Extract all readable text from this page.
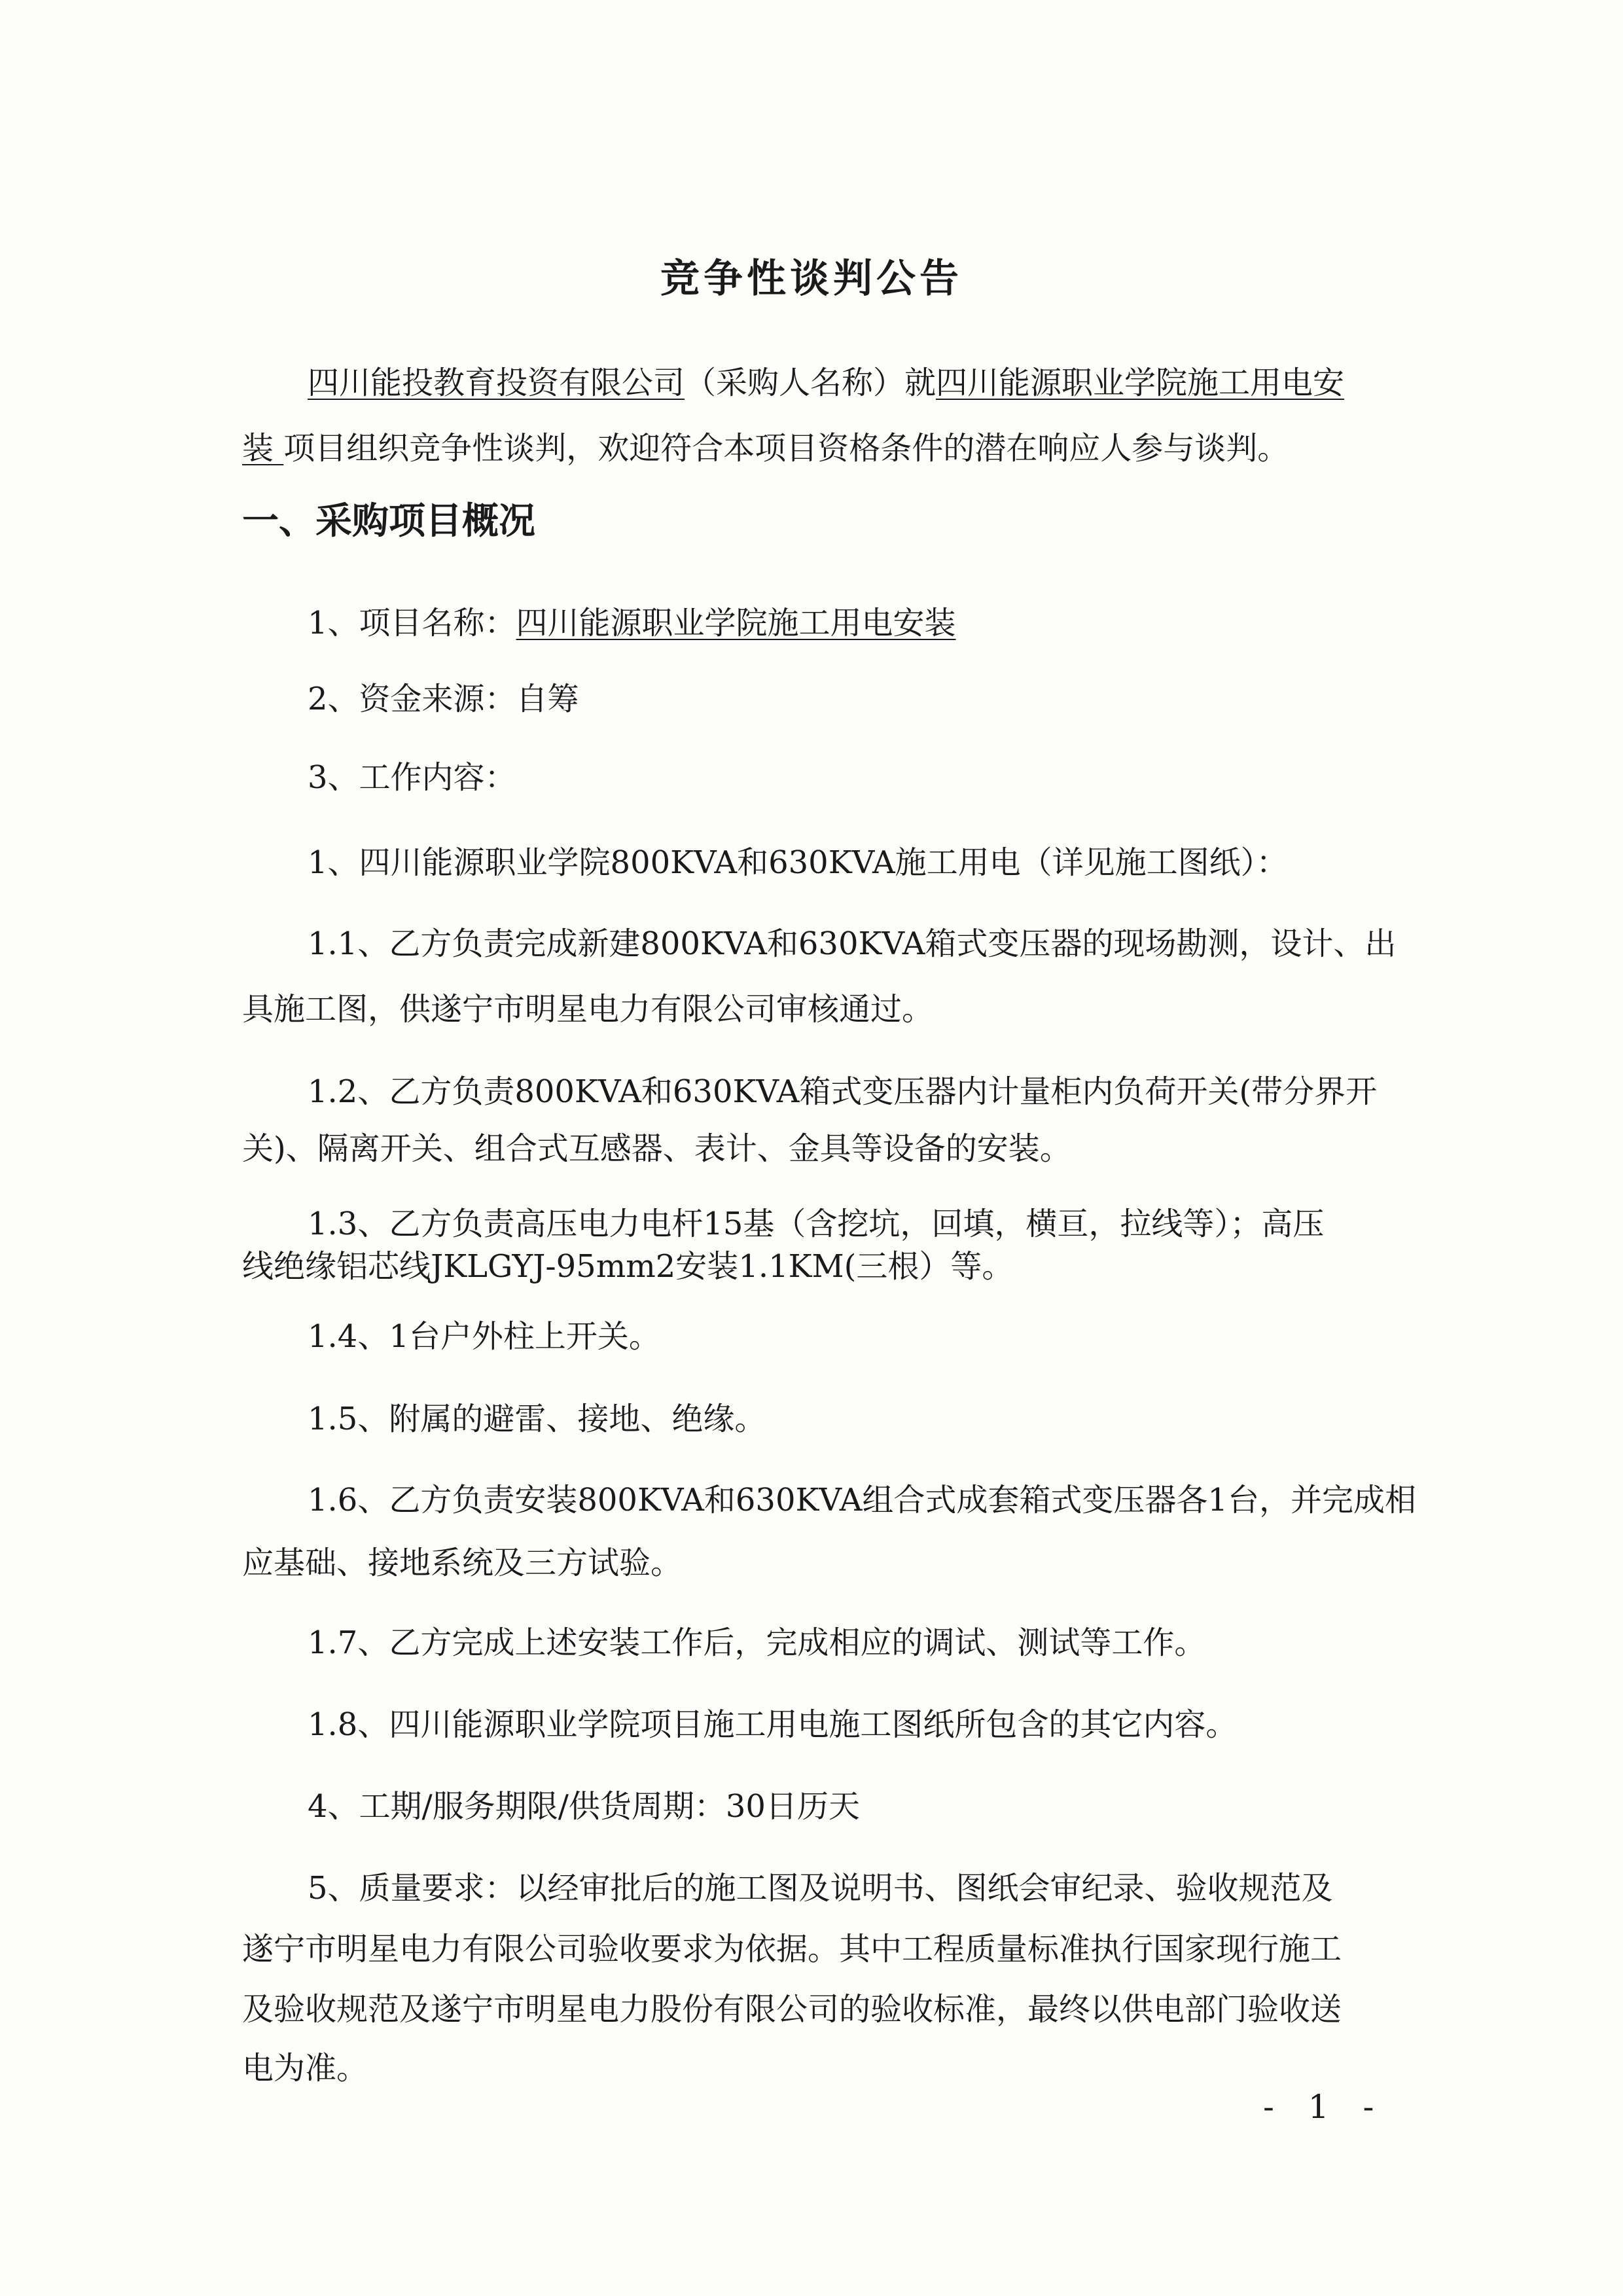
竞争性谈判公告
四川能投教育投资有限公司（采购人名称）就四川能源职业学院施工用电安
装 项目组织竞争性谈判，欢迎符合本项目资格条件的潜在响应人参与谈判。
一、采购项目概况
1、项目名称：四川能源职业学院施工用电安装
2、资金来源：自筹
3、工作内容：
1、四川能源职业学院800KVA和630KVA施工用电（详见施工图纸）：
1.1、乙方负责完成新建800KVA和630KVA箱式变压器的现场勘测，设计、出
具施工图，供遂宁市明星电力有限公司审核通过。
1.2、乙方负责800KVA和630KVA箱式变压器内计量柜内负荷开关(带分界开
关)、隔离开关、组合式互感器、表计、金具等设备的安装。
1.3、乙方负责高压电力电杆15基（含挖坑，回填，横亘，拉线等）；高压
线绝缘铝芯线JKLGYJ-95mm2安装1.1KM(三根）等。
1.4、1台户外柱上开关。
1.5、附属的避雷、接地、绝缘。
1.6、乙方负责安装800KVA和630KVA组合式成套箱式变压器各1台，并完成相
应基础、接地系统及三方试验。
1.7、乙方完成上述安装工作后，完成相应的调试、测试等工作。
1.8、四川能源职业学院项目施工用电施工图纸所包含的其它内容。
4、工期/服务期限/供货周期：30日历天
5、质量要求：以经审批后的施工图及说明书、图纸会审纪录、验收规范及
遂宁市明星电力有限公司验收要求为依据。其中工程质量标准执行国家现行施工
及验收规范及遂宁市明星电力股份有限公司的验收标准，最终以供电部门验收送
电为准。
- 1 -
